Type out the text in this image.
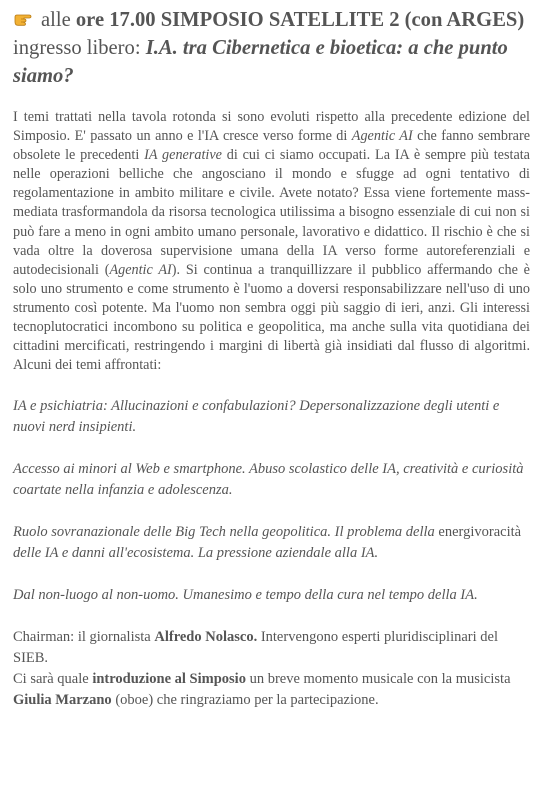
alle ore 17.00 SIMPOSIO SATELLITE 2 (con ARGES) ingresso libero: I.A. tra Cibernetica e bioetica: a che punto siamo?

I temi trattati nella tavola rotonda si sono evoluti rispetto alla precedente edizione del Simposio. E' passato un anno e l'IA cresce verso forme di Agentic AI che fanno sembrare obsolete le precedenti IA generative di cui ci siamo occupati. La IA è sempre più testata nelle operazioni belliche che angosciano il mondo e sfugge ad ogni tentativo di regolamentazione in ambito militare e civile. Avete notato? Essa viene fortemente mass-mediata trasformandola da risorsa tecnologica utilissima a bisogno essenziale di cui non si può fare a meno in ogni ambito umano personale, lavorativo e didattico. Il rischio è che si vada oltre la doverosa supervisione umana della IA verso forme autoreferenziali e autodecisionali (Agentic AI). Si continua a tranquillizzare il pubblico affermando che è solo uno strumento e come strumento è l'uomo a doversi responsabilizzare nell'uso di uno strumento così potente. Ma l'uomo non sembra oggi più saggio di ieri, anzi. Gli interessi tecnoplutocratici incombono su politica e geopolitica, ma anche sulla vita quotidiana dei cittadini mercificati, restringendo i margini di libertà già insidiati dal flusso di algoritmi. Alcuni dei temi affrontati:

IA e psichiatria: Allucinazioni e confabulazioni? Depersonalizzazione degli utenti e nuovi nerd insipienti.

Accesso ai minori al Web e smartphone. Abuso scolastico delle IA, creatività e curiosità coartate nella infanzia e adolescenza.

Ruolo sovranazionale delle Big Tech nella geopolitica. Il problema della energivoracità delle IA e danni all'ecosistema. La pressione aziendale alla IA.

Dal non-luogo al non-uomo. Umanesimo e tempo della cura nel tempo della IA.

Chairman: il giornalista Alfredo Nolasco. Intervengono esperti pluridisciplinari del SIEB.
Ci sarà quale introduzione al Simposio un breve momento musicale con la musicista Giulia Marzano (oboe) che ringraziamo per la partecipazione.
